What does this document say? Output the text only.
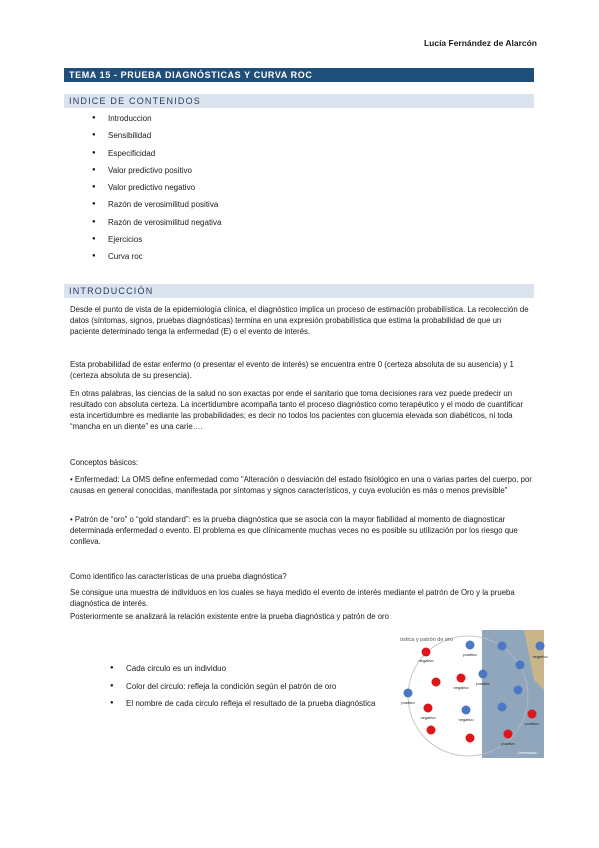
Lucía Fernández de Alarcón
TEMA 15 - PRUEBA DIAGNÓSTICAS Y CURVA ROC
INDICE DE CONTENIDOS
● Introduccion
● Sensibilidad
● Especificidad
● Valor predictivo positivo
● Valor predictivo negativo
● Razón de verosimilitud positiva
● Razón de verosimilitud negativa
● Ejercicios
● Curva roc
INTRODUCCIÓN

Desde el punto de vista de la epidemiología clínica, el diagnóstico implica un proceso de estimación probabilística. La recolección de datos (síntomas, signos, pruebas diagnósticas) termina en una expresión probabilística que estima la probabilidad de que un paciente determinado tenga la enfermedad (E) o el evento de interés.

Esta probabilidad de estar enfermo (o presentar el evento de interés) se encuentra entre 0 (certeza absoluta de su ausencia) y 1 (certeza absoluta de su presencia).

En otras palabras, las ciencias de la salud no son exactas por ende el sanitario que toma decisiones rara vez puede predecir un resultado con absoluta certeza. La incertidumbre acompaña tanto el proceso diagnóstico como terapéutico y el modo de cuantificar esta incertidumbre es mediante las probabilidades; es decir no todos los pacientes con glucemia elevada son diabéticos, ni toda “mancha en un diente” es una carie….

Conceptos básicos:

• Enfermedad: La OMS define enfermedad como "Alteración o desviación del estado fisiológico en una o varias partes del cuerpo, por causas en general conocidas, manifestada por síntomas y signos característicos, y cuya evolución es más o menos previsible"

• Patrón de “oro” o “gold standard”: es la prueba diagnóstica que se asocia con la mayor fiabilidad al momento de diagnosticar determinada enfermedad o evento. El problema es que clínicamente muchas veces no es posible su utilización por los riesgo que conlleva.

Como identifico las características de una prueba diagnóstica?

Se consigue una muestra de individuos en los cuales se haya medido el evento de interés mediante el patrón de Oro y la prueba diagnóstica de interés.

Posteriormente se analizará la relación existente entre la prueba diagnóstica y patrón de oro

● Cada circulo es un individuo
● Color del circulo: refleja la condición según el patrón de oro
● El nombre de cada circulo refleja el resultado de la prueba diagnóstica
óstica y patrón de oro
positivo	negativo
negativo
positivo
negativo
positivo
negativo	negativo
positivo
positivo
Universidad
